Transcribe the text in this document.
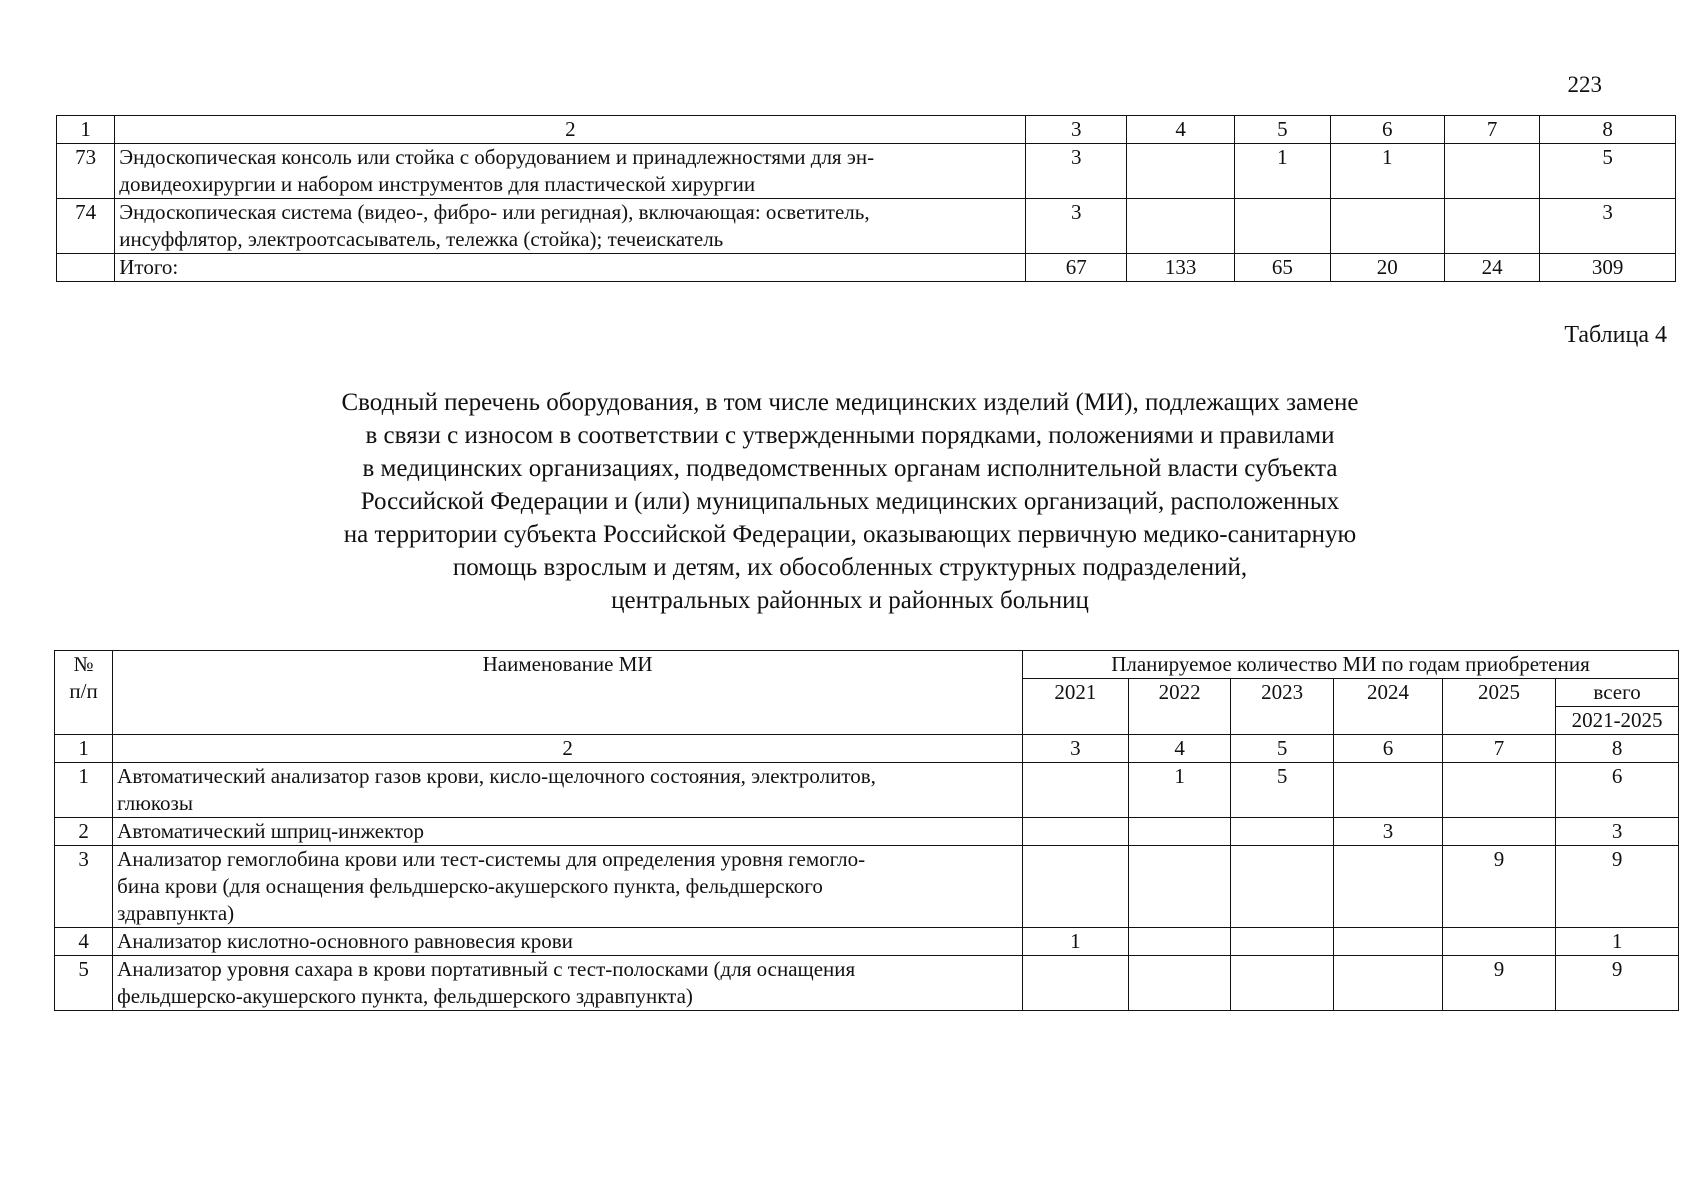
223
1	2	3	4	5	6	7	8
73	Эндоскопическая консоль или стойка с оборудованием и принадлежностями для эн-
довидеохирургии и набором инструментов для пластической хирургии	3		1	1		5
74	Эндоскопическая система (видео-, фибро- или регидная), включающая: осветитель,
инсуффлятор, электроотсасыватель, тележка (стойка); течеискатель	3					3
	Итого:	67	133	65	20	24	309
Таблица 4
Сводный перечень оборудования, в том числе медицинских изделий (МИ), подлежащих замене
в связи с износом в соответствии с утвержденными порядками, положениями и правилами
в медицинских организациях, подведомственных органам исполнительной власти субъекта
Российской Федерации и (или) муниципальных медицинских организаций, расположенных
на территории субъекта Российской Федерации, оказывающих первичную медико-санитарную
помощь взрослым и детям, их обособленных структурных подразделений,
центральных районных и районных больниц
№
п/п	Наименование МИ	Планируемое количество МИ по годам приобретения					
		2021	2022	2023	2024	2025	всего
							2021-2025
1	2	3	4	5	6	7	8
1	Автоматический анализатор газов крови, кисло-щелочного состояния, электролитов,
глюкозы		1	5			6
2	Автоматический шприц-инжектор				3		3
3	Анализатор гемоглобина крови или тест-системы для определения уровня гемогло-
бина крови (для оснащения фельдшерско-акушерского пункта, фельдшерского
здравпункта)					9	9
4	Анализатор кислотно-основного равновесия крови	1					1
5	Анализатор уровня сахара в крови портативный с тест-полосками (для оснащения
фельдшерско-акушерского пункта, фельдшерского здравпункта)					9	9
